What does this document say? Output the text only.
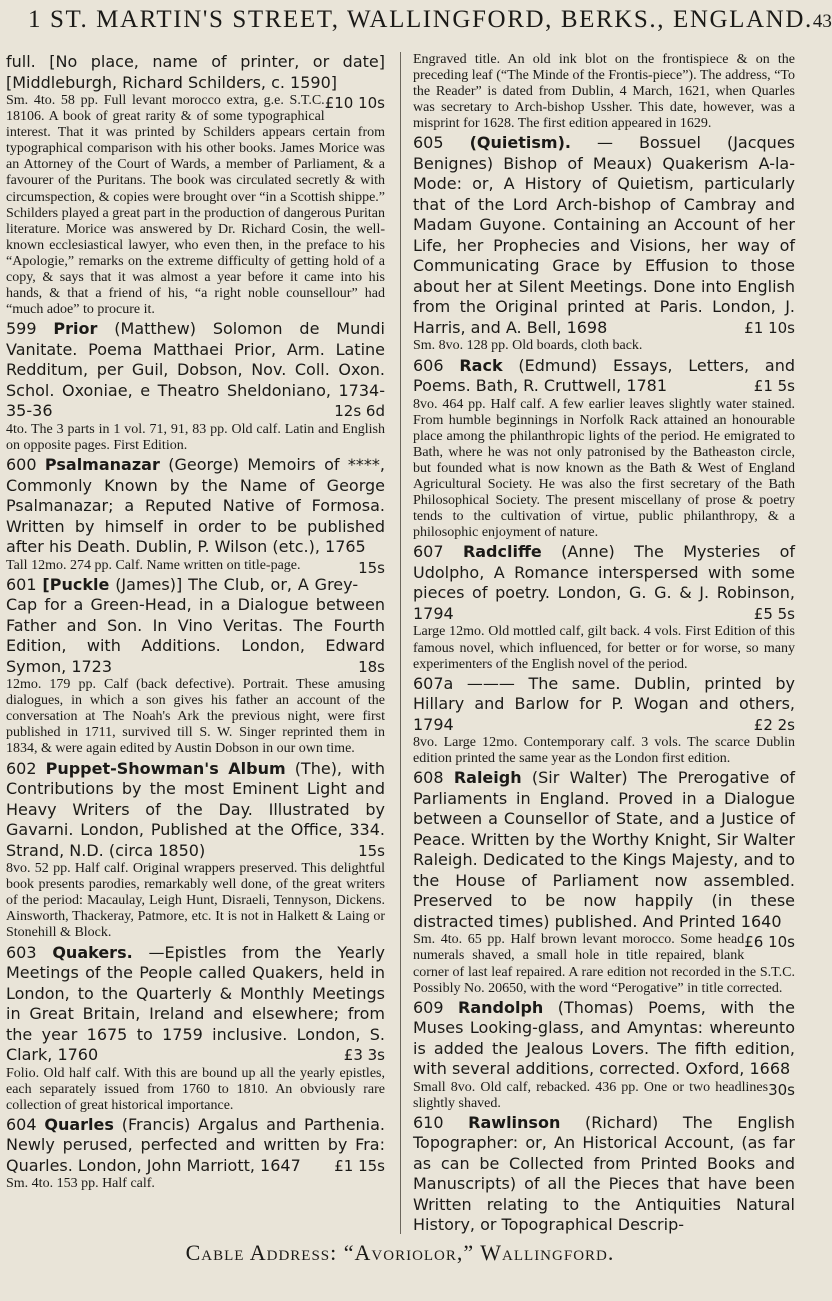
1 ST. MARTIN'S STREET, WALLINGFORD, BERKS., ENGLAND. 43
full. [No place, name of printer, or date] [Middleburgh, Richard Schilders, c. 1590]
£10 10s
Sm. 4to. 58 pp. Full levant morocco extra, g.e. S.T.C. 18106. A book of great rarity & of some typographical interest. That it was printed by Schilders appears certain from typographical comparison with his other books. James Morice was an Attorney of the Court of Wards, a member of Parliament, & a favourer of the Puritans. The book was circulated secretly & with circumspection, & copies were brought over “in a Scottish shippe.” Schilders played a great part in the production of dangerous Puritan literature. Morice was answered by Dr. Richard Cosin, the well-known ecclesiastical lawyer, who even then, in the preface to his “Apologie,” remarks on the extreme difficulty of getting hold of a copy, & says that it was almost a year before it came into his hands, & that a friend of his, “a right noble counsellour” had “much adoe” to procure it.
599 Prior (Matthew) Solomon de Mundi Vanitate. Poema Matthaei Prior, Arm. Latine Redditum, per Guil, Dobson, Nov. Coll. Oxon. Schol. Oxoniae, e Theatro Sheldoniano, 1734-35-36	12s 6d
4to. The 3 parts in 1 vol. 71, 91, 83 pp. Old calf. Latin and English on opposite pages. First Edition.
600 Psalmanazar (George) Memoirs of ****, Commonly Known by the Name of George Psalmanazar; a Reputed Native of Formosa. Written by himself in order to be published after his Death. Dublin, P. Wilson (etc.), 1765
15s
Tall 12mo. 274 pp. Calf. Name written on title-page.
601 [Puckle (James)] The Club, or, A Grey-Cap for a Green-Head, in a Dialogue between Father and Son. In Vino Veritas. The Fourth Edition, with Additions. London, Edward Symon, 1723	18s
12mo. 179 pp. Calf (back defective). Portrait. These amusing dialogues, in which a son gives his father an account of the conversation at The Noah's Ark the previous night, were first published in 1711, survived till S. W. Singer reprinted them in 1834, & were again edited by Austin Dobson in our own time.
602 Puppet-Showman's Album (The), with Contributions by the most Eminent Light and Heavy Writers of the Day. Illustrated by Gavarni. London, Published at the Office, 334. Strand, N.D. (circa 1850)	15s
8vo. 52 pp. Half calf. Original wrappers preserved. This delightful book presents parodies, remarkably well done, of the great writers of the period: Macaulay, Leigh Hunt, Disraeli, Tennyson, Dickens. Ainsworth, Thackeray, Patmore, etc. It is not in Halkett & Laing or Stonehill & Block.
603 Quakers. —Epistles from the Yearly Meetings of the People called Quakers, held in London, to the Quarterly & Monthly Meetings in Great Britain, Ireland and elsewhere; from the year 1675 to 1759 inclusive. London, S. Clark, 1760	£3 3s
Folio. Old half calf. With this are bound up all the yearly epistles, each separately issued from 1760 to 1810. An obviously rare collection of great historical importance.
604 Quarles (Francis) Argalus and Parthenia. Newly perused, perfected and written by Fra: Quarles. London, John Marriott, 1647 £1 15s
Sm. 4to. 153 pp. Half calf.
Engraved title. An old ink blot on the frontispiece & on the preceding leaf (“The Minde of the Frontis-piece”). The address, “To the Reader” is dated from Dublin, 4 March, 1621, when Quarles was secretary to Arch-bishop Ussher. This date, however, was a misprint for 1628. The first edition appeared in 1629.
605 (Quietism). — Bossuel (Jacques Benignes) Bishop of Meaux) Quakerism A-la-Mode: or, A History of Quietism, particularly that of the Lord Arch-bishop of Cambray and Madam Guyone. Containing an Account of her Life, her Prophecies and Visions, her way of Communicating Grace by Effusion to those about her at Silent Meetings. Done into English from the Original printed at Paris. London, J. Harris, and A. Bell, 1698	£1 10s
Sm. 8vo. 128 pp. Old boards, cloth back.
606 Rack (Edmund) Essays, Letters, and Poems. Bath, R. Cruttwell, 1781	£1 5s
8vo. 464 pp. Half calf. A few earlier leaves slightly water stained. From humble beginnings in Norfolk Rack attained an honourable place among the philanthropic lights of the period. He emigrated to Bath, where he was not only patronised by the Batheaston circle, but founded what is now known as the Bath & West of England Agricultural Society. He was also the first secretary of the Bath Philosophical Society. The present miscellany of prose & poetry tends to the cultivation of virtue, public philanthropy, & a philosophic enjoyment of nature.
607 Radcliffe (Anne) The Mysteries of Udolpho, A Romance interspersed with some pieces of poetry. London, G. G. & J. Robinson, 1794	£5 5s
Large 12mo. Old mottled calf, gilt back. 4 vols. First Edition of this famous novel, which influenced, for better or for worse, so many experimenters of the English novel of the period.
607a ——— The same. Dublin, printed by Hillary and Barlow for P. Wogan and others, 1794	£2 2s
8vo. Large 12mo. Contemporary calf. 3 vols. The scarce Dublin edition printed the same year as the London first edition.
608 Raleigh (Sir Walter) The Prerogative of Parliaments in England. Proved in a Dialogue between a Counsellor of State, and a Justice of Peace. Written by the Worthy Knight, Sir Walter Raleigh. Dedicated to the Kings Majesty, and to the House of Parliament now assembled. Preserved to be now happily (in these distracted times) published. And Printed 1640
£6 10s
Sm. 4to. 65 pp. Half brown levant morocco. Some head numerals shaved, a small hole in title repaired, blank corner of last leaf repaired. A rare edition not recorded in the S.T.C. Possibly No. 20650, with the word “Perogative” in title corrected.
609 Randolph (Thomas) Poems, with the Muses Looking-glass, and Amyntas: whereunto is added the Jealous Lovers. The fifth edition, with several additions, corrected. Oxford, 1668
30s
Small 8vo. Old calf, rebacked. 436 pp. One or two headlines slightly shaved.
610 Rawlinson (Richard) The English Topographer: or, An Historical Account, (as far as can be Collected from Printed Books and Manuscripts) of all the Pieces that have been Written relating to the Antiquities Natural History, or Topographical Descrip-
Cable Address: “Avoriolor,” Wallingford.
